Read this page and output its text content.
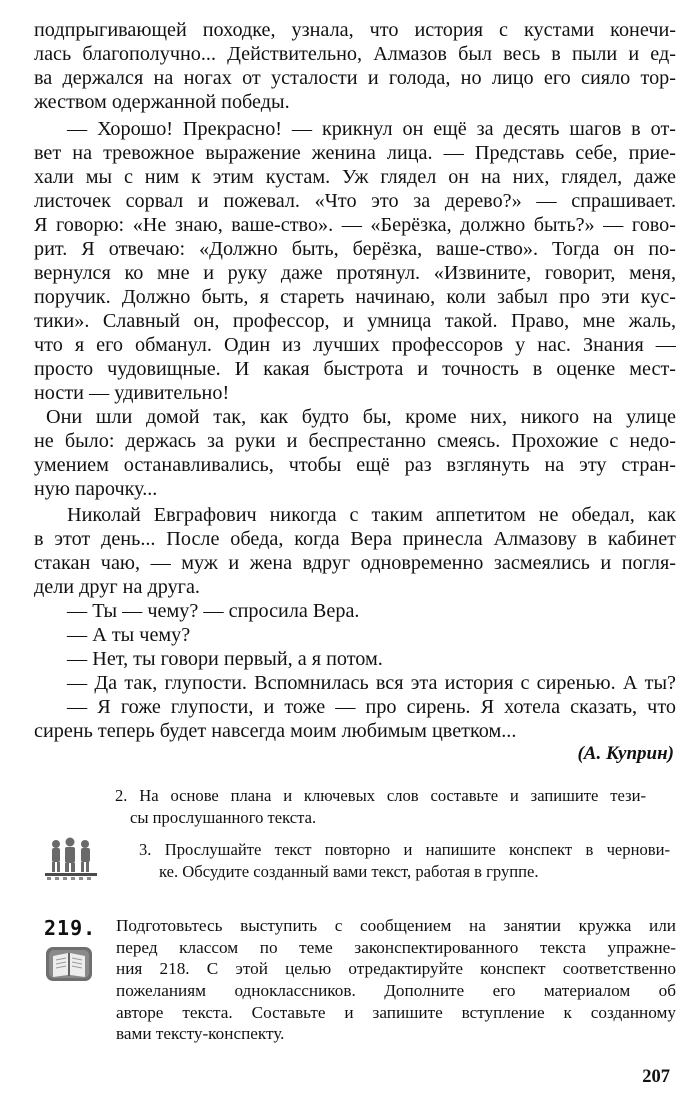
подпрыгивающей походке, узнала, что история с кустами конечи-
лась благополучно... Действительно, Алмазов был весь в пыли и ед-
ва держался на ногах от усталости и голода, но лицо его сияло тор-
жеством одержанной победы.
— Хорошо! Прекрасно! — крикнул он ещё за десять шагов в от-
вет на тревожное выражение женина лица. — Представь себе, прие-
хали мы с ним к этим кустам. Уж глядел он на них, глядел, даже
листочек сорвал и пожевал. «Что это за дерево?» — спрашивает.
Я говорю: «Не знаю, ваше-ство». — «Берёзка, должно быть?» — гово-
рит. Я отвечаю: «Должно быть, берёзка, ваше-ство». Тогда он по-
вернулся ко мне и руку даже протянул. «Извините, говорит, меня,
поручик. Должно быть, я стареть начинаю, коли забыл про эти кус-
тики». Славный он, профессор, и умница такой. Право, мне жаль,
что я его обманул. Один из лучших профессоров у нас. Знания —
просто чудовищные. И какая быстрота и точность в оценке мест-
ности — удивительно!
Они шли домой так, как будто бы, кроме них, никого на улице
не было: держась за руки и беспрестанно смеясь. Прохожие с недо-
умением останавливались, чтобы ещё раз взглянуть на эту стран-
ную парочку...
Николай Евграфович никогда с таким аппетитом не обедал, как
в этот день... После обеда, когда Вера принесла Алмазову в кабинет
стакан чаю, — муж и жена вдруг одновременно засмеялись и погля-
дели друг на друга.
— Ты — чему? — спросила Вера.
— А ты чему?
— Нет, ты говори первый, а я потом.
— Да так, глупости. Вспомнилась вся эта история с сиренью. А ты?
— Я гоже глупости, и тоже — про сирень. Я хотела сказать, что
сирень теперь будет навсегда моим любимым цветком...
(А. Куприн)
2. На основе плана и ключевых слов составьте и запишите тези-
сы прослушанного текста.
3. Прослушайте текст повторно и напишите конспект в чернови-
ке. Обсудите созданный вами текст, работая в группе.
219. Подготовьтесь выступить с сообщением на занятии кружка или
перед классом по теме законспектированного текста упражне-
ния 218. С этой целью отредактируйте конспект соответственно
пожеланиям одноклассников. Дополните его материалом об
авторе текста. Составьте и запишите вступление к созданному
вами тексту-конспекту.
207
